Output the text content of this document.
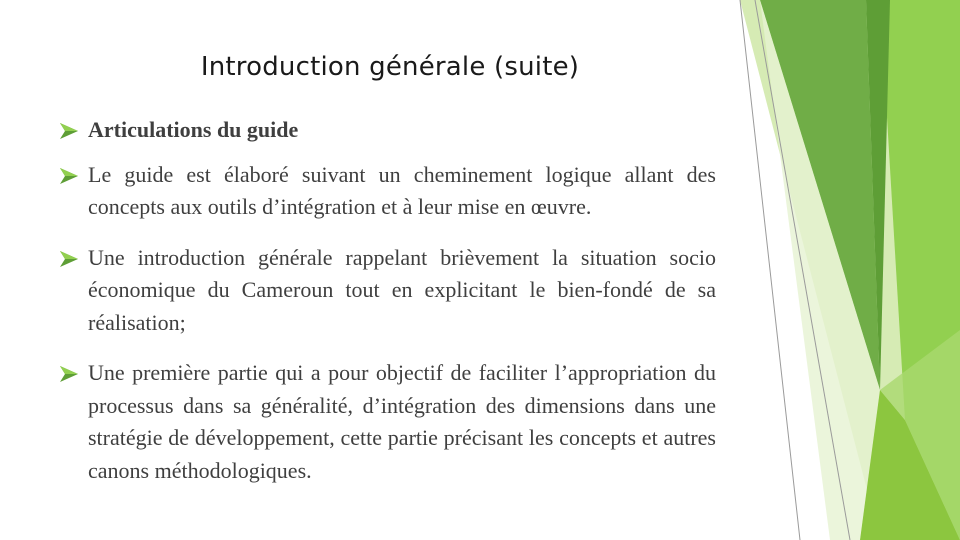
Introduction générale (suite)
Articulations du guide
Le guide est élaboré suivant un cheminement logique allant des concepts aux outils d’intégration et à leur mise en œuvre.
Une introduction générale rappelant brièvement la situation socio économique du Cameroun tout en explicitant le bien-fondé de sa réalisation;
Une première partie qui a pour objectif de faciliter l’appropriation du processus dans sa généralité, d’intégration des dimensions dans une stratégie de développement, cette partie précisant les concepts et autres canons méthodologiques.
